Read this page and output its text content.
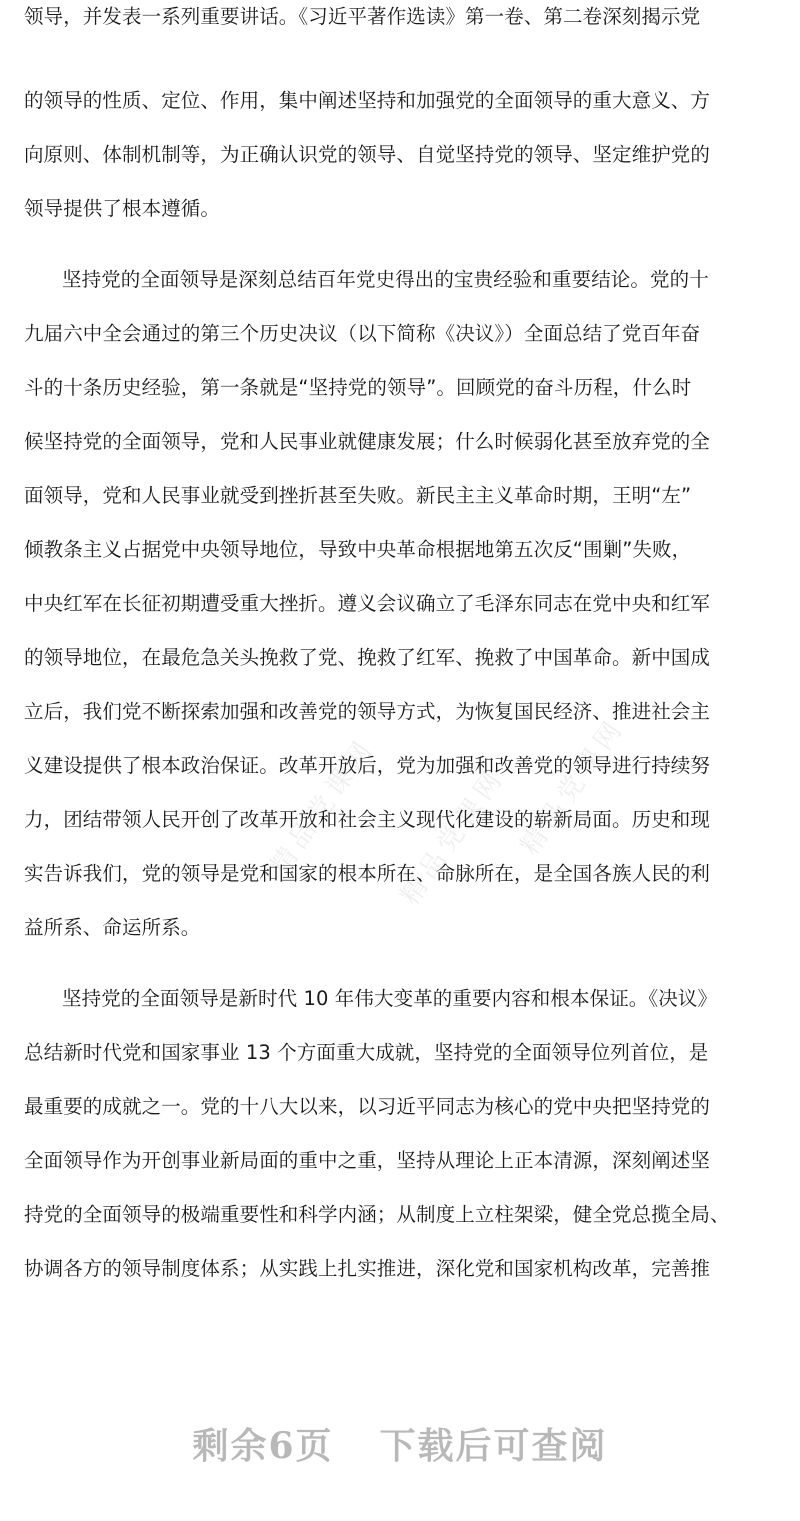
领导，并发表一系列重要讲话。《习近平著作选读》第一卷、第二卷深刻揭示党
的领导的性质、定位、作用，集中阐述坚持和加强党的全面领导的重大意义、方
向原则、体制机制等，为正确认识党的领导、自觉坚持党的领导、坚定维护党的
领导提供了根本遵循。
坚持党的全面领导是深刻总结百年党史得出的宝贵经验和重要结论。党的十
九届六中全会通过的第三个历史决议（以下简称《决议》）全面总结了党百年奋
斗的十条历史经验，第一条就是“坚持党的领导”。回顾党的奋斗历程，什么时
候坚持党的全面领导，党和人民事业就健康发展；什么时候弱化甚至放弃党的全
面领导，党和人民事业就受到挫折甚至失败。新民主主义革命时期，王明“左”
倾教条主义占据党中央领导地位，导致中央革命根据地第五次反“围剿”失败，
中央红军在长征初期遭受重大挫折。遵义会议确立了毛泽东同志在党中央和红军
的领导地位，在最危急关头挽救了党、挽救了红军、挽救了中国革命。新中国成
立后，我们党不断探索加强和改善党的领导方式，为恢复国民经济、推进社会主
义建设提供了根本政治保证。改革开放后，党为加强和改善党的领导进行持续努
力，团结带领人民开创了改革开放和社会主义现代化建设的崭新局面。历史和现
实告诉我们，党的领导是党和国家的根本所在、命脉所在，是全国各族人民的利
益所系、命运所系。
坚持党的全面领导是新时代 10 年伟大变革的重要内容和根本保证。《决议》
总结新时代党和国家事业 13 个方面重大成就，坚持党的全面领导位列首位，是
最重要的成就之一。党的十八大以来，以习近平同志为核心的党中央把坚持党的
全面领导作为开创事业新局面的重中之重，坚持从理论上正本清源，深刻阐述坚
持党的全面领导的极端重要性和科学内涵；从制度上立柱架梁，健全党总揽全局、
协调各方的领导制度体系；从实践上扎实推进，深化党和国家机构改革，完善推
精品党课网 精品党课网 精品党课网
剩余6页 下载后可查阅
